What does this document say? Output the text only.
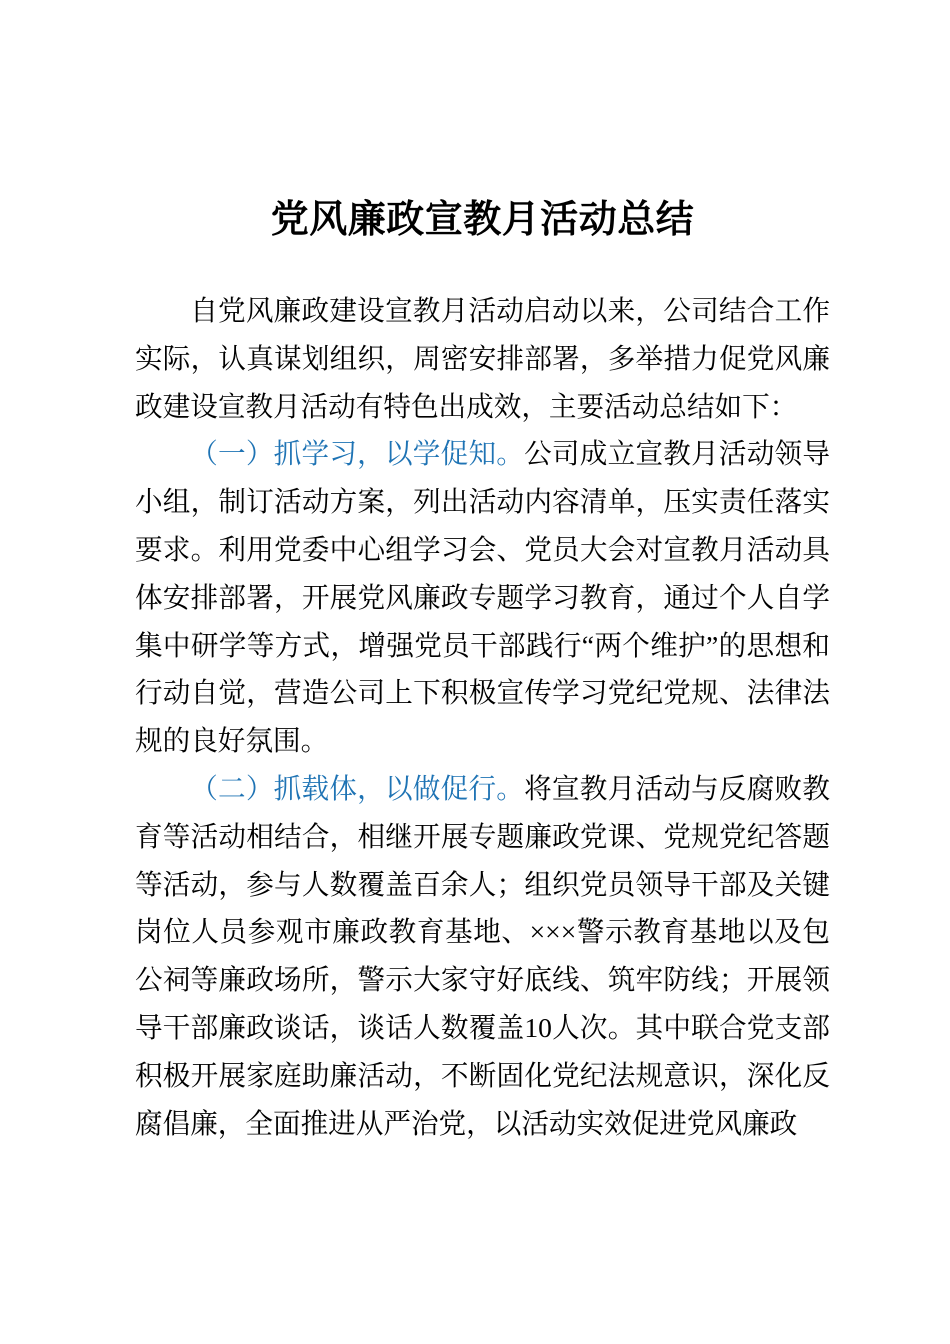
党风廉政宣教月活动总结

自党风廉政建设宣教月活动启动以来，公司结合工作实际，认真谋划组织，周密安排部署，多举措力促党风廉政建设宣教月活动有特色出成效，主要活动总结如下：

（一）抓学习，以学促知。公司成立宣教月活动领导小组，制订活动方案，列出活动内容清单，压实责任落实要求。利用党委中心组学习会、党员大会对宣教月活动具体安排部署，开展党风廉政专题学习教育，通过个人自学集中研学等方式，增强党员干部践行“两个维护”的思想和行动自觉，营造公司上下积极宣传学习党纪党规、法律法规的良好氛围。

（二）抓载体，以做促行。将宣教月活动与反腐败教育等活动相结合，相继开展专题廉政党课、党规党纪答题等活动，参与人数覆盖百余人；组织党员领导干部及关键岗位人员参观市廉政教育基地、×××警示教育基地以及包公祠等廉政场所，警示大家守好底线、筑牢防线；开展领导干部廉政谈话，谈话人数覆盖10人次。其中联合党支部积极开展家庭助廉活动，不断固化党纪法规意识，深化反腐倡廉，全面推进从严治党，以活动实效促进党风廉政
